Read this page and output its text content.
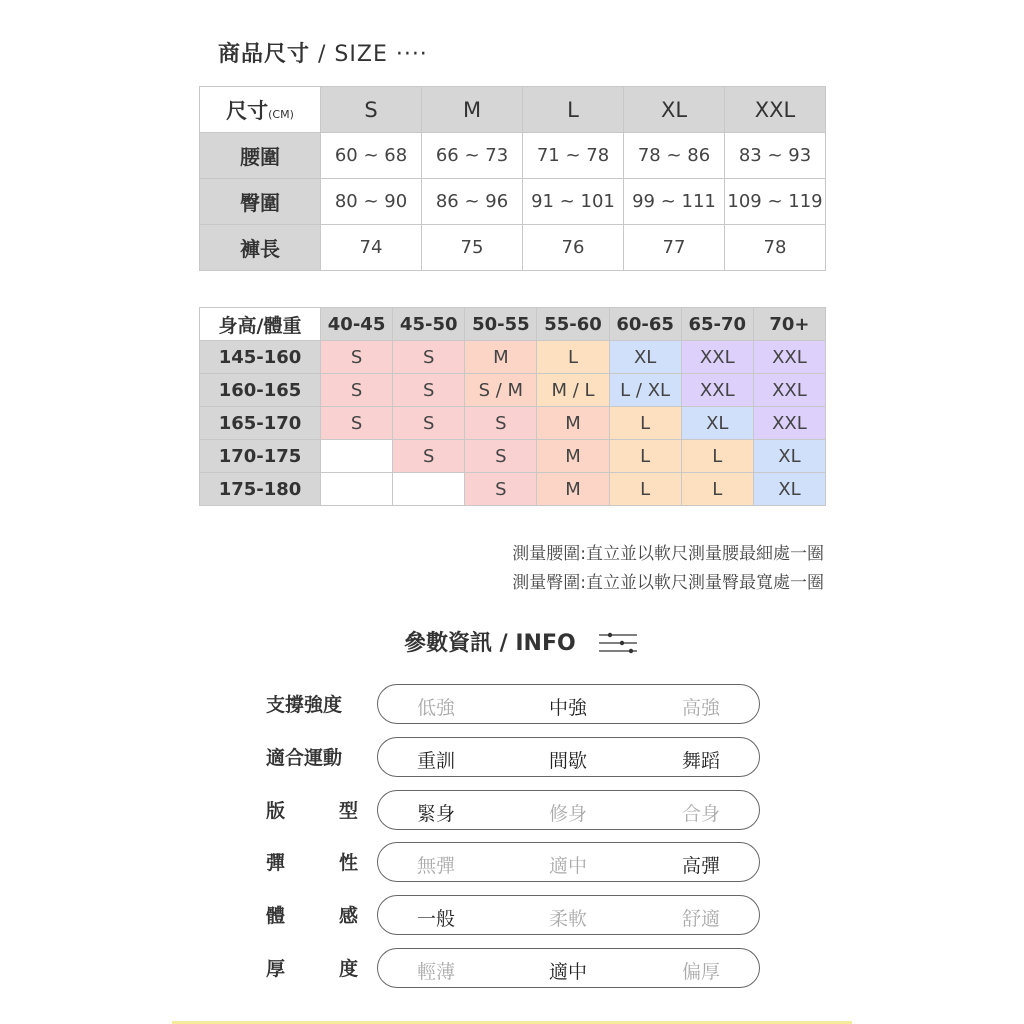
商品尺寸 / SIZE ····
尺寸(CM)	S	M	L	XL	XXL
腰圍	60 ~ 68	66 ~ 73	71 ~ 78	78 ~ 86	83 ~ 93
臀圍	80 ~ 90	86 ~ 96	91 ~ 101	99 ~ 111	109 ~ 119
褲長	74	75	76	77	78
身高/體重	40-45	45-50	50-55	55-60	60-65	65-70	70+
145-160	S	S	M	L	XL	XXL	XXL
160-165	S	S	S / M	M / L	L / XL	XXL	XXL
165-170	S	S	S	M	L	XL	XXL
170-175		S	S	M	L	L	XL
175-180			S	M	L	L	XL
測量腰圍:直立並以軟尺測量腰最細處一圈
測量臀圍:直立並以軟尺測量臀最寬處一圈
參數資訊 / INFO
支撐強度	低強	中強	高強
適合運動	重訓	間歇	舞蹈
版	型	緊身	修身	合身
彈	性	無彈	適中	高彈
體	感	一般	柔軟	舒適
厚	度	輕薄	適中	偏厚
